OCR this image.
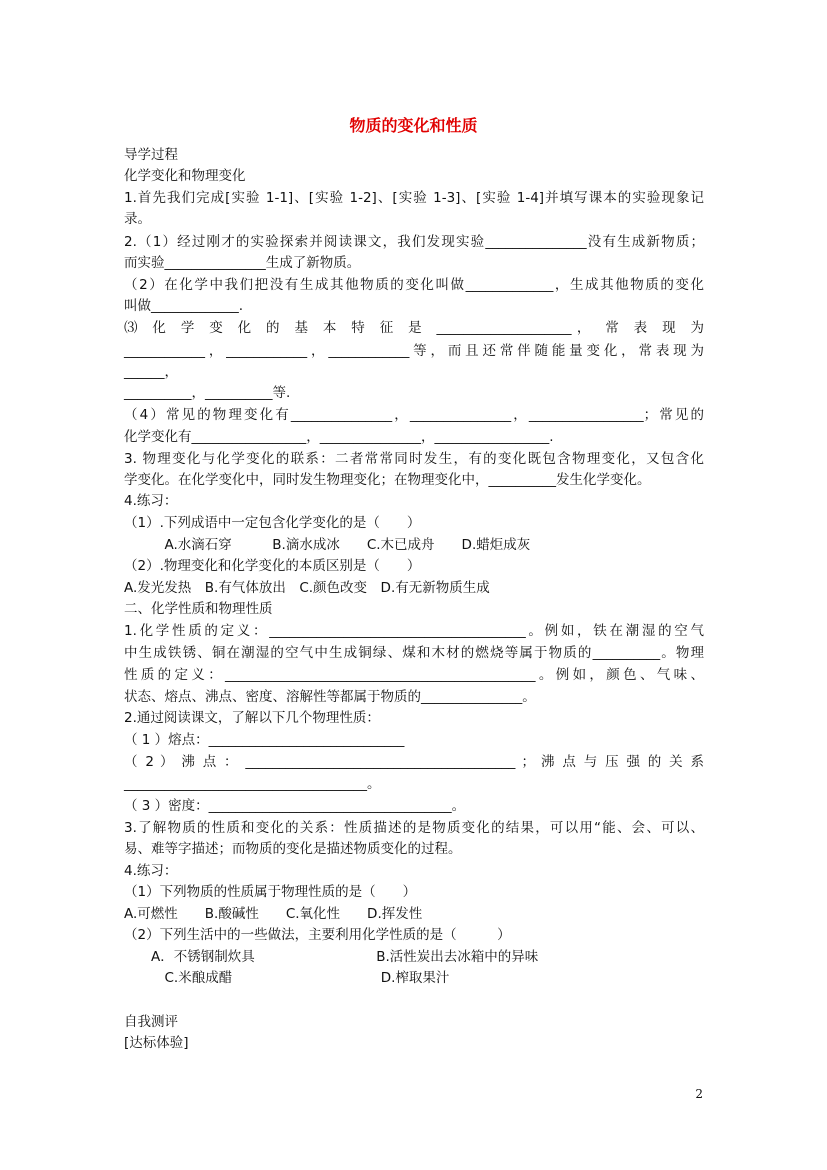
物质的变化和性质
导学过程
化学变化和物理变化
1.首先我们完成[实验 1-1]、[实验 1-2]、[实验 1-3]、[实验 1-4]并填写课本的实验现象记
录。
2.（1）经过刚才的实验探索并阅读课文，我们发现实验_______________没有生成新物质；
而实验_______________生成了新物质。
（2）在化学中我们把没有生成其他物质的变化叫做_____________，生成其他物质的变化
叫做_____________.
⑶ 化 学 变 化 的 基 本 特 征 是 ____________________， 常 表 现 为
____________，____________，____________等，而且还常伴随能量变化，常表现为
______，
__________，__________等.
（4）常见的物理变化有_______________，_______________，_________________；常见的
化学变化有_________________，_______________，_________________.
3. 物理变化与化学变化的联系：二者常常同时发生，有的变化既包含物理变化，又包含化
学变化。在化学变化中，同时发生物理变化；在物理变化中，__________发生化学变化。
4.练习：
（1）.下列成语中一定包含化学变化的是（　　）
　　　A.水滴石穿　　　B.滴水成冰　　C.木已成舟　　D.蜡炬成灰
（2）.物理变化和化学变化的本质区别是（　　）
A.发光发热　B.有气体放出　C.颜色改变　D.有无新物质生成
二、化学性质和物理性质
1.化学性质的定义：______________________________________。例如，铁在潮湿的空气
中生成铁锈、铜在潮湿的空气中生成铜绿、煤和木材的燃烧等属于物质的__________。物理
性质的定义：______________________________________________。例如，颜色、气味、
状态、熔点、沸点、密度、溶解性等都属于物质的_______________。
2.通过阅读课文，了解以下几个物理性质：
（ 1 ）熔点：_____________________________
（ 2 ） 沸 点 ： ________________________________________ ； 沸 点 与 压 强 的 关 系
____________________________________。
（ 3 ）密度：____________________________________。
3.了解物质的性质和变化的关系：性质描述的是物质变化的结果，可以用“能、会、可以、
易、难等字描述；而物质的变化是描述物质变化的过程。
4.练习：
（1）下列物质的性质属于物理性质的是（　　）
A.可燃性　　B.酸碱性　　C.氧化性　　D.挥发性
（2）下列生活中的一些做法，主要利用化学性质的是（　　　）
　　A．不锈钢制炊具　　　　　　　　　B.活性炭出去冰箱中的异味
　　　C.米酿成醋　　　　　　　　　　　D.榨取果汁
自我测评
[达标体验]
2
